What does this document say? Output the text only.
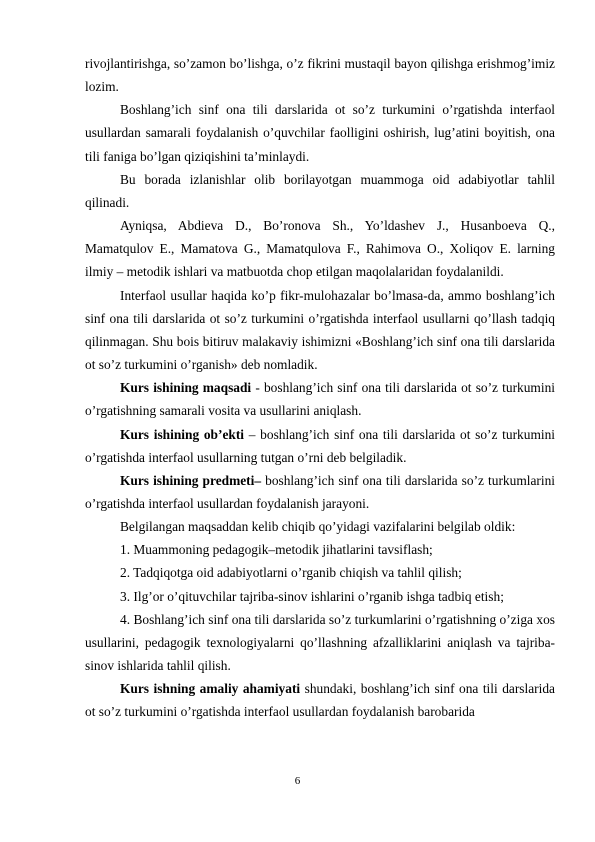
rivojlantirishga, so’zamon bo’lishga, o’z fikrini mustaqil bayon qilishga erishmog’imiz lozim.

Boshlang’ich sinf ona tili darslarida ot so’z turkumini o’rgatishda interfaol usullardan samarali foydalanish o’quvchilar faolligini oshirish, lug’atini boyitish, ona tili faniga bo’lgan qiziqishini ta’minlaydi.

Bu borada izlanishlar olib borilayotgan muammoga oid adabiyotlar tahlil qilinadi.

Ayniqsa, Abdieva D., Bo’ronova Sh., Yo’ldashev J., Husanboeva Q., Mamatqulov E., Mamatova G., Mamatqulova F., Rahimova O., Xoliqov E. larning ilmiy – metodik ishlari va matbuotda chop etilgan maqolalaridan foydalanildi.

Interfaol usullar haqida ko’p fikr-mulohazalar bo’lmasa-da, ammo boshlang’ich sinf ona tili darslarida ot so’z turkumini o’rgatishda interfaol usullarni qo’llash tadqiq qilinmagan. Shu bois bitiruv malakaviy ishimizni «Boshlang’ich sinf ona tili darslarida ot so’z turkumini o’rganish» deb nomladik.

Kurs ishining maqsadi - boshlang’ich sinf ona tili darslarida ot so’z turkumini o’rgatishning samarali vosita va usullarini aniqlash.

Kurs ishining ob’ekti – boshlang’ich sinf ona tili darslarida ot so’z turkumini o’rgatishda interfaol usullarning tutgan o’rni deb belgiladik.

Kurs ishining predmeti– boshlang’ich sinf ona tili darslarida so’z turkumlarini o’rgatishda interfaol usullardan foydalanish jarayoni.

Belgilangan maqsaddan kelib chiqib qo’yidagi vazifalarini belgilab oldik:

1. Muammoning pedagogik–metodik jihatlarini tavsiflash;

2. Tadqiqotga oid adabiyotlarni o’rganib chiqish va tahlil qilish;

3. Ilg’or o’qituvchilar tajriba-sinov ishlarini o’rganib ishga tadbiq etish;

4. Boshlang’ich sinf ona tili darslarida so’z turkumlarini o’rgatishning o’ziga xos usullarini, pedagogik texnologiyalarni qo’llashning afzalliklarini aniqlash va tajriba-sinov ishlarida tahlil qilish.

Kurs ishning amaliy ahamiyati shundaki, boshlang’ich sinf ona tili darslarida ot so’z turkumini o’rgatishda interfaol usullardan foydalanish barobarida

6
